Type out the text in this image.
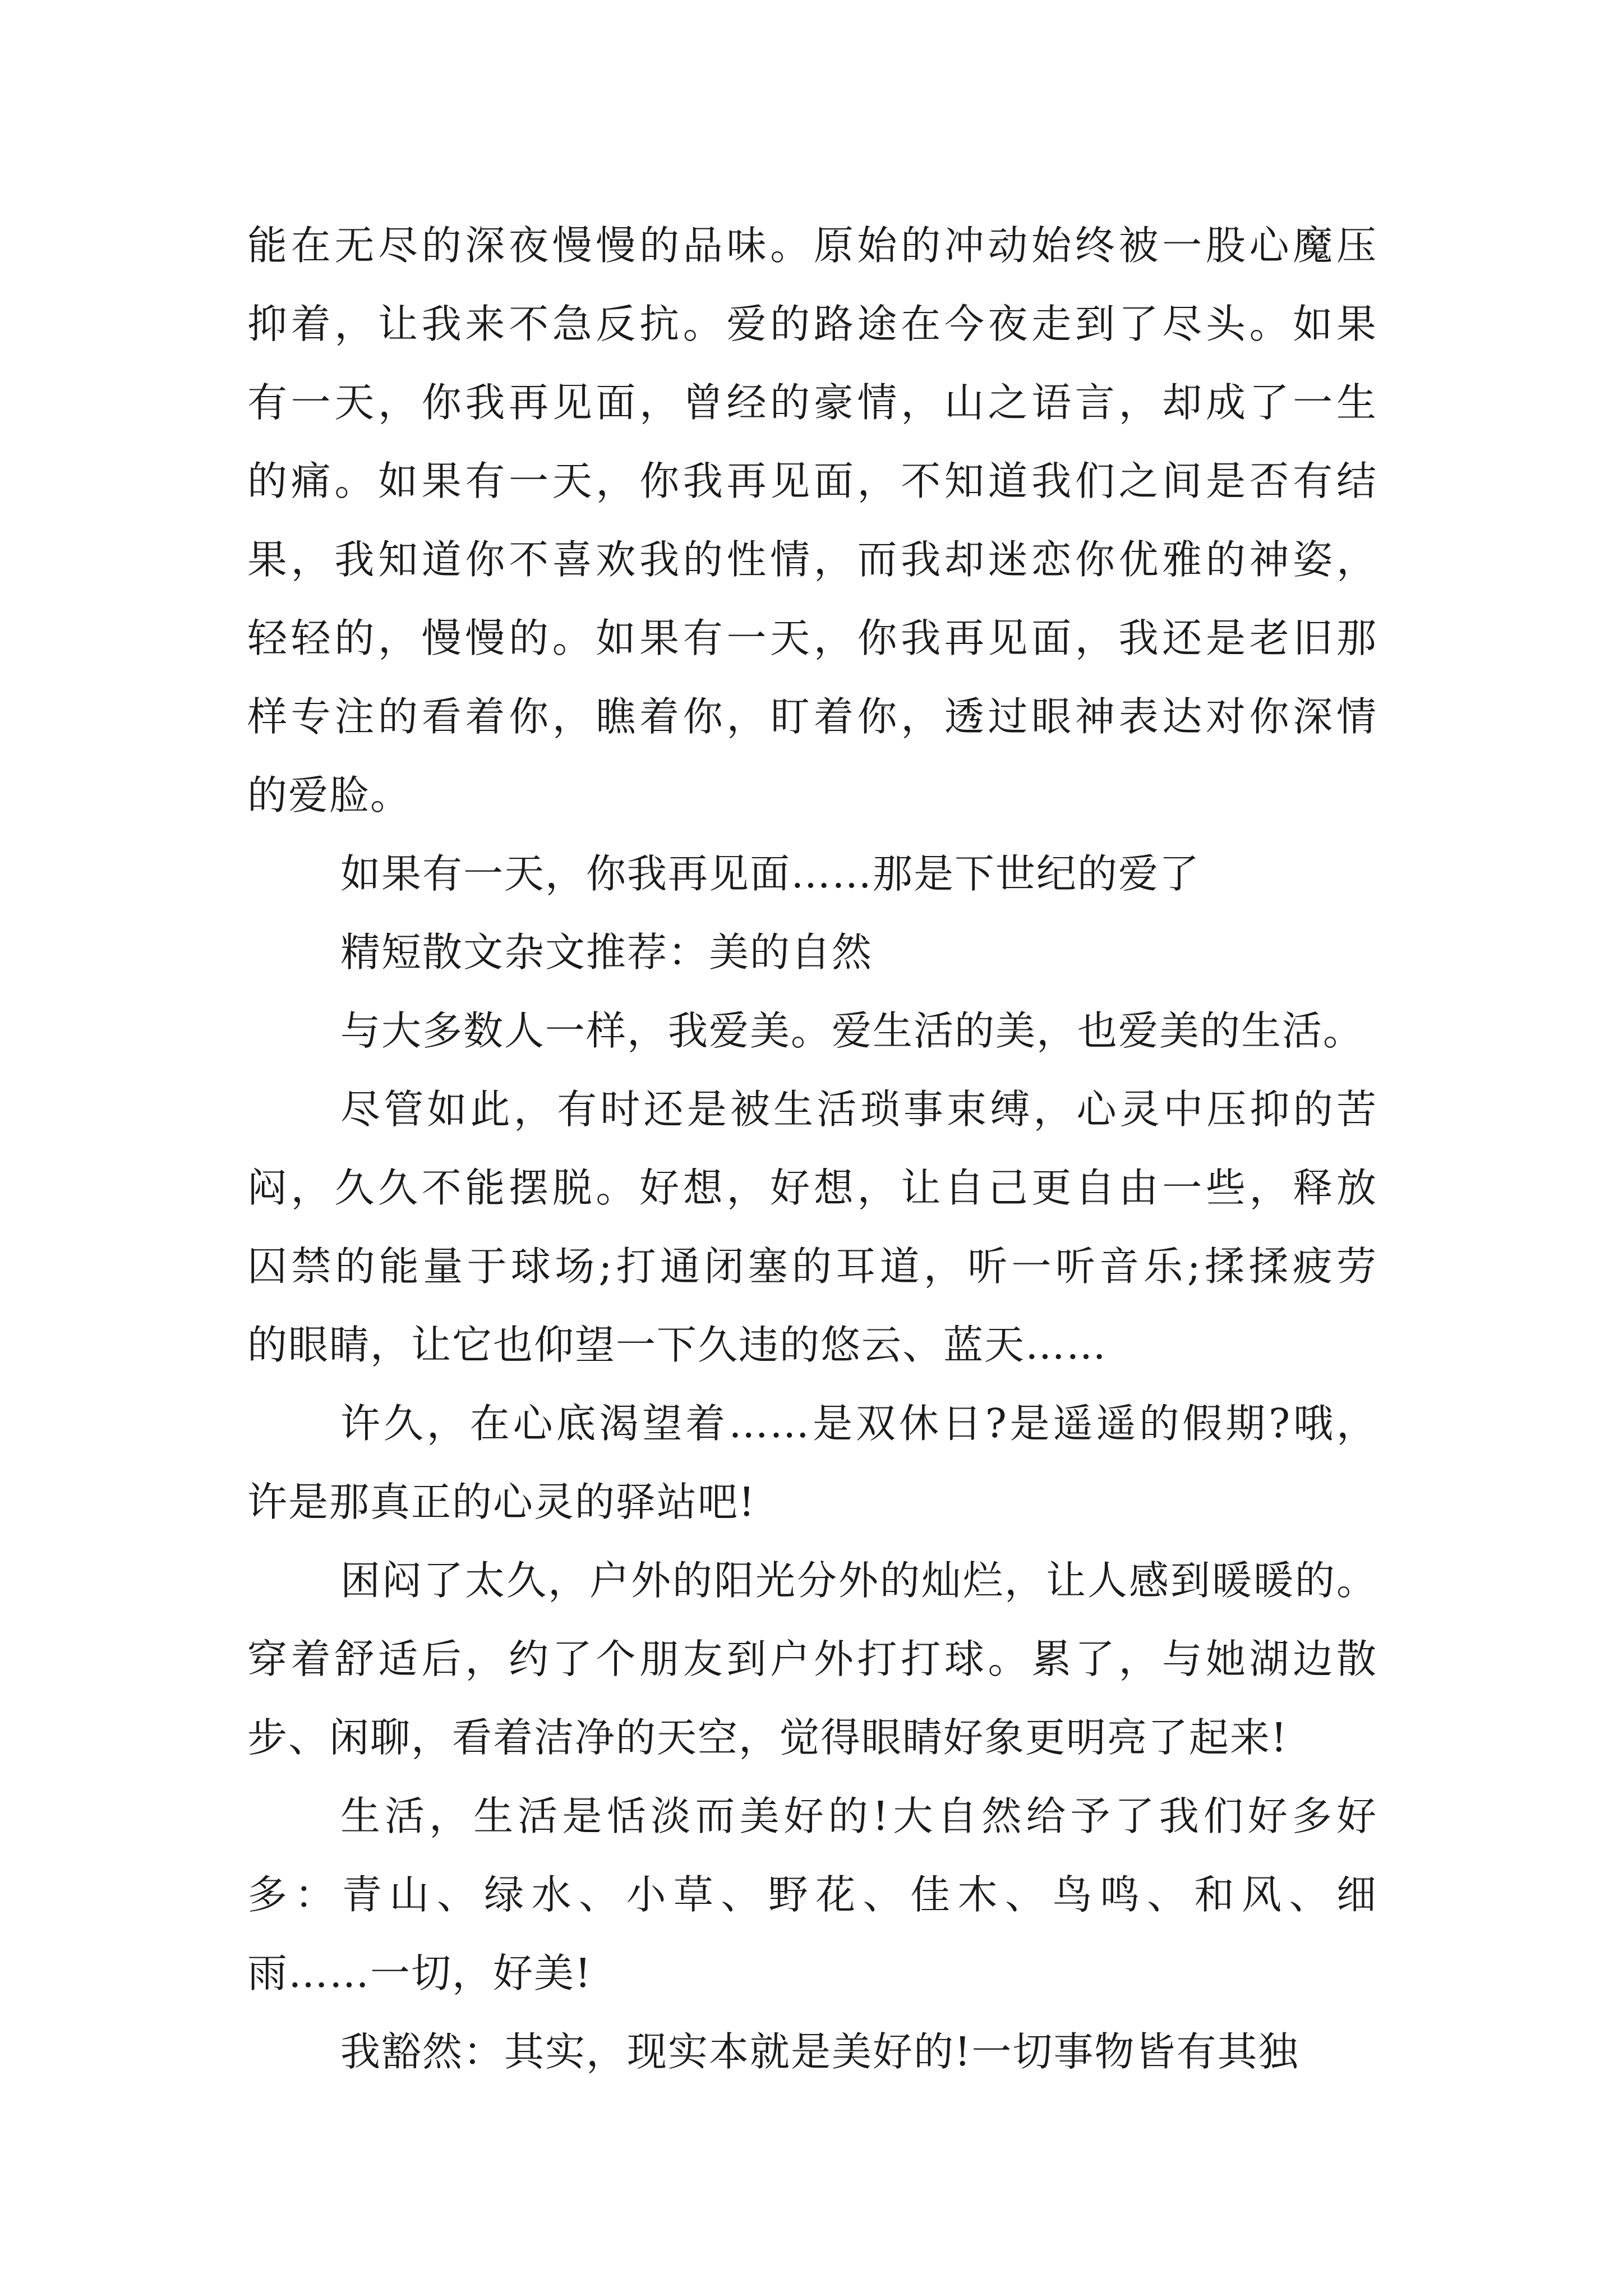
能在无尽的深夜慢慢的品味。原始的冲动始终被一股心魔压
抑着，让我来不急反抗。爱的路途在今夜走到了尽头。如果
有一天，你我再见面，曾经的豪情，山之语言，却成了一生
的痛。如果有一天，你我再见面，不知道我们之间是否有结
果，我知道你不喜欢我的性情，而我却迷恋你优雅的神姿，
轻轻的，慢慢的。如果有一天，你我再见面，我还是老旧那
样专注的看着你，瞧着你，盯着你，透过眼神表达对你深情
的爱脸。
如果有一天，你我再见面……那是下世纪的爱了
精短散文杂文推荐：美的自然
与大多数人一样，我爱美。爱生活的美，也爱美的生活。
尽管如此，有时还是被生活琐事束缚，心灵中压抑的苦
闷，久久不能摆脱。好想，好想，让自己更自由一些，释放
囚禁的能量于球场;打通闭塞的耳道，听一听音乐;揉揉疲劳
的眼睛，让它也仰望一下久违的悠云、蓝天……
许久，在心底渴望着……是双休日?是遥遥的假期?哦，
许是那真正的心灵的驿站吧!
困闷了太久，户外的阳光分外的灿烂，让人感到暖暖的。
穿着舒适后，约了个朋友到户外打打球。累了，与她湖边散
步、闲聊，看着洁净的天空，觉得眼睛好象更明亮了起来!
生活，生活是恬淡而美好的!大自然给予了我们好多好
多：青山、绿水、小草、野花、佳木、鸟鸣、和风、细
雨……一切，好美!
我豁然：其实，现实本就是美好的!一切事物皆有其独
